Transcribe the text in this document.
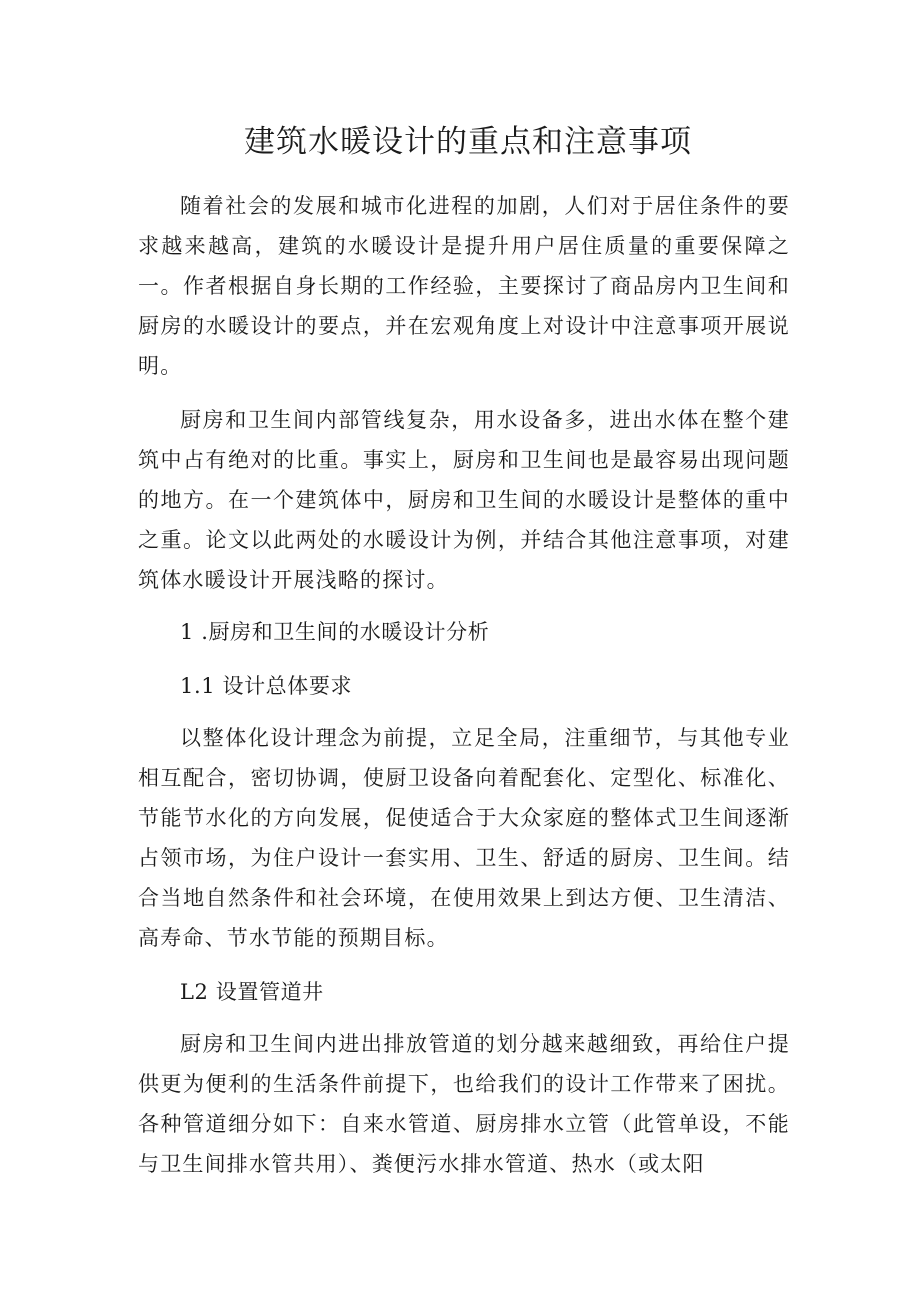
建筑水暖设计的重点和注意事项

随着社会的发展和城市化进程的加剧，人们对于居住条件的要求越来越高，建筑的水暖设计是提升用户居住质量的重要保障之一。作者根据自身长期的工作经验，主要探讨了商品房内卫生间和厨房的水暖设计的要点，并在宏观角度上对设计中注意事项开展说明。

厨房和卫生间内部管线复杂，用水设备多，进出水体在整个建筑中占有绝对的比重。事实上，厨房和卫生间也是最容易出现问题的地方。在一个建筑体中，厨房和卫生间的水暖设计是整体的重中之重。论文以此两处的水暖设计为例，并结合其他注意事项，对建筑体水暖设计开展浅略的探讨。

1 .厨房和卫生间的水暖设计分析

1.1 设计总体要求

以整体化设计理念为前提，立足全局，注重细节，与其他专业相互配合，密切协调，使厨卫设备向着配套化、定型化、标准化、节能节水化的方向发展，促使适合于大众家庭的整体式卫生间逐渐占领市场，为住户设计一套实用、卫生、舒适的厨房、卫生间。结合当地自然条件和社会环境，在使用效果上到达方便、卫生清洁、高寿命、节水节能的预期目标。

L2 设置管道井

厨房和卫生间内进出排放管道的划分越来越细致，再给住户提供更为便利的生活条件前提下，也给我们的设计工作带来了困扰。各种管道细分如下：自来水管道、厨房排水立管（此管单设，不能与卫生间排水管共用）、粪便污水排水管道、热水（或太阳
